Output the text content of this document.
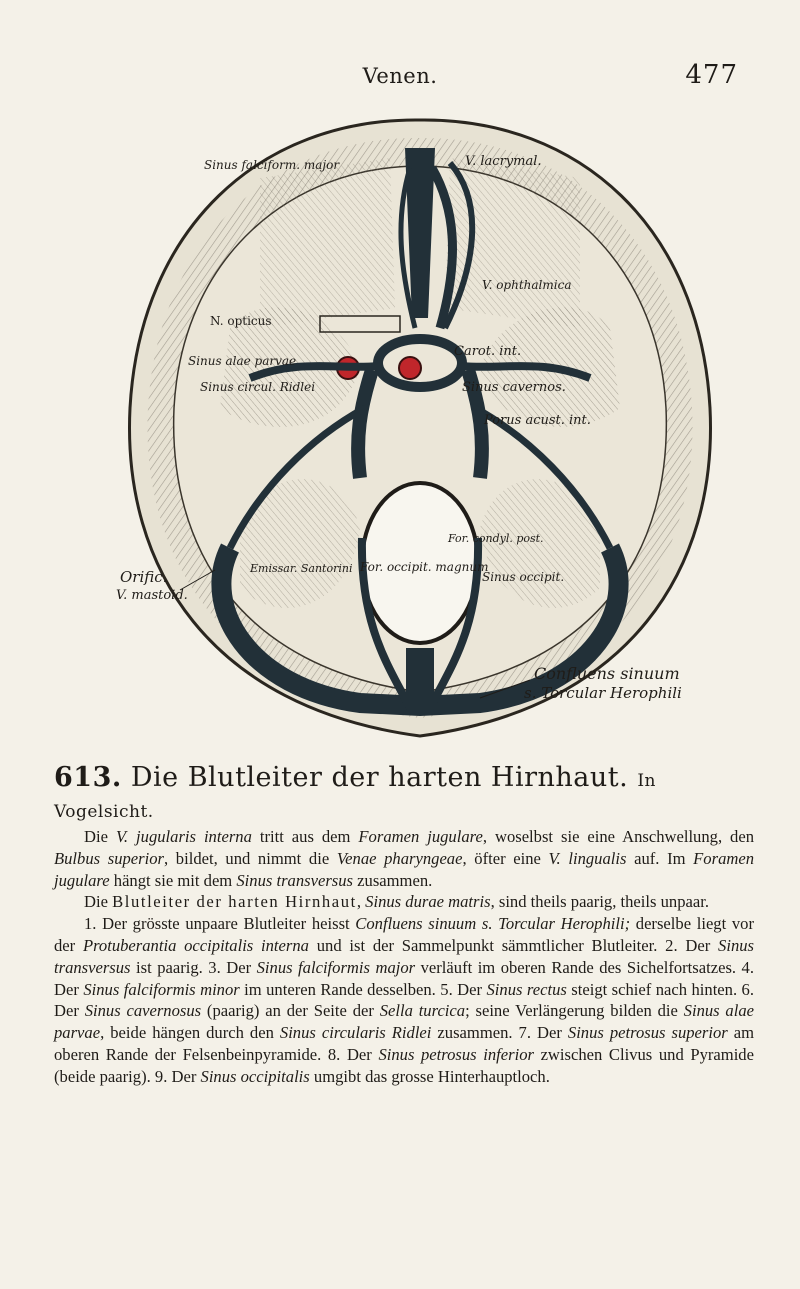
Venen.	477
Sinus falciform. major	V. lacrymal.
V. ophthalmica
N. opticus
Sinus alae parvae
Carot. int.
Sinus circul. Ridlei	Sinus cavernos.
Porus acust. int.
For. occipit. magnum
For. condyl. post.
Sinus occipit.
Emissar. Santorini
Orific.
V. mastoid.
Confluens sinuum
s. Torcular Herophili
613. Die Blutleiter der harten Hirnhaut. In Vogelsicht.

Die V. jugularis interna tritt aus dem Foramen jugulare, woselbst sie eine Anschwellung, den Bulbus superior, bildet, und nimmt die Venae pharyngeae, öfter eine V. lingualis auf. Im Foramen jugulare hängt sie mit dem Sinus transversus zusammen.

Die Blutleiter der harten Hirnhaut, Sinus durae matris, sind theils paarig, theils unpaar.

1. Der grösste unpaare Blutleiter heisst Confluens sinuum s. Torcular Herophili; derselbe liegt vor der Protuberantia occipitalis interna und ist der Sammelpunkt sämmtlicher Blutleiter. 2. Der Sinus transversus ist paarig. 3. Der Sinus falciformis major verläuft im oberen Rande des Sichelfortsatzes. 4. Der Sinus falciformis minor im unteren Rande desselben. 5. Der Sinus rectus steigt schief nach hinten. 6. Der Sinus cavernosus (paarig) an der Seite der Sella turcica; seine Verlängerung bilden die Sinus alae parvae, beide hängen durch den Sinus circularis Ridlei zusammen. 7. Der Sinus petrosus superior am oberen Rande der Felsenbeinpyramide. 8. Der Sinus petrosus inferior zwischen Clivus und Pyramide (beide paarig). 9. Der Sinus occipitalis umgibt das grosse Hinterhauptloch.
